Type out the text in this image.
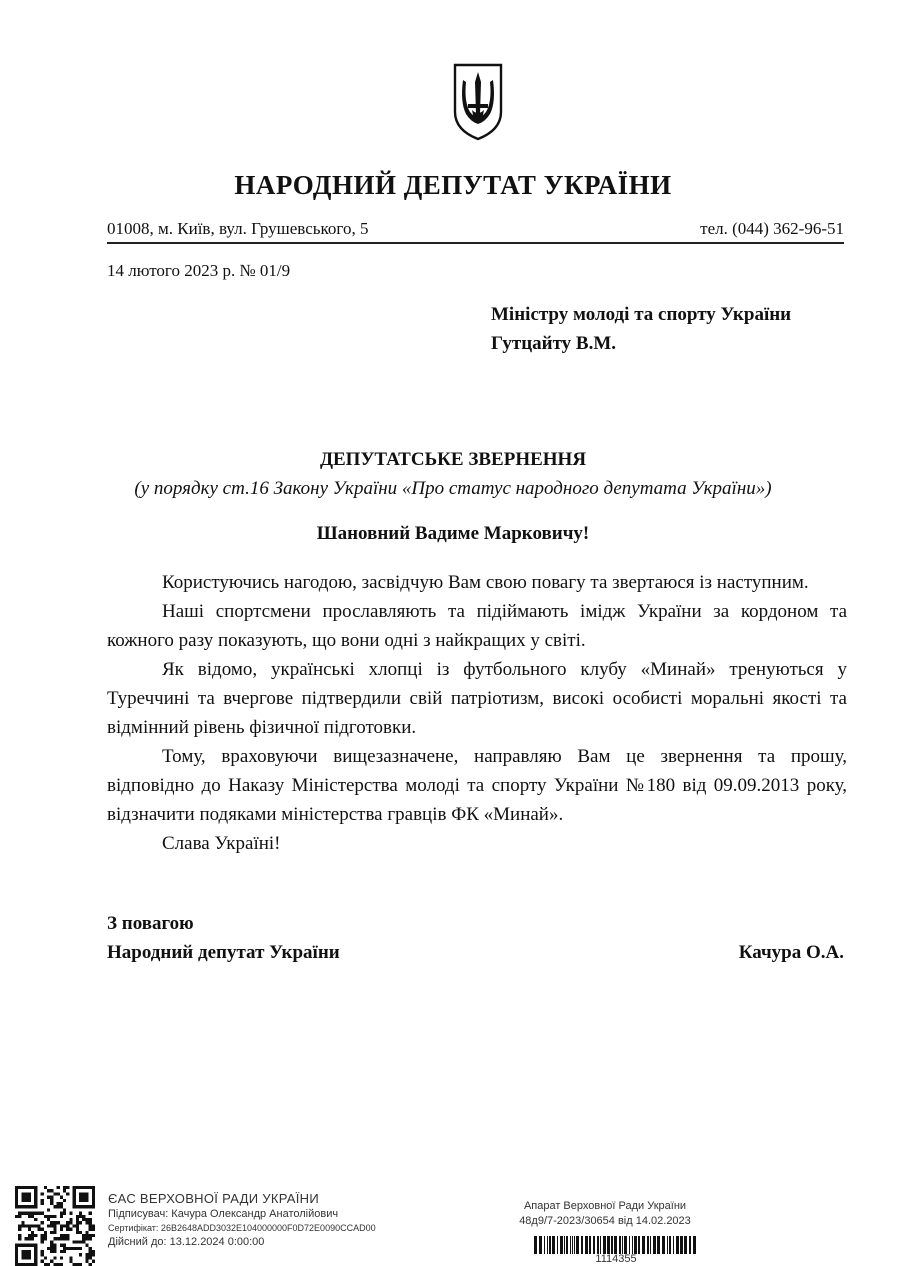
НАРОДНИЙ ДЕПУТАТ УКРАЇНИ
01008, м. Київ, вул. Грушевського, 5	тел. (044) 362-96-51
14 лютого 2023 р. № 01/9
Міністру молоді та спорту України
Гутцайту В.М.
ДЕПУТАТСЬКЕ ЗВЕРНЕННЯ
(у порядку ст.16 Закону України «Про статус народного депутата України»)
Шановний Вадиме Марковичу!

Користуючись нагодою, засвідчую Вам свою повагу та звертаюся із наступним.

Наші спортсмени прославляють та підіймають імідж України за кордоном та кожного разу показують, що вони одні з найкращих у світі.

Як відомо, українські хлопці із футбольного клубу «Минай» тренуються у Туреччині та вчергове підтвердили свій патріотизм, високі особисті моральні якості та відмінний рівень фізичної підготовки.

Тому, враховуючи вищезазначене, направляю Вам це звернення та прошу, відповідно до Наказу Міністерства молоді та спорту України №180 від 09.09.2013 року, відзначити подяками міністерства гравців ФК «Минай».

Слава Україні!

З повагою
Народний депутат України	Качура О.А.
ЄАС ВЕРХОВНОЇ РАДИ УКРАЇНИ
Підписувач: Качура Олександр Анатолійович
Сертифікат: 26B2648ADD3032E104000000F0D72E0090CCAD00
Дійсний до: 13.12.2024 0:00:00
Апарат Верховної Ради України
48д9/7-2023/30654 від 14.02.2023
1114355
